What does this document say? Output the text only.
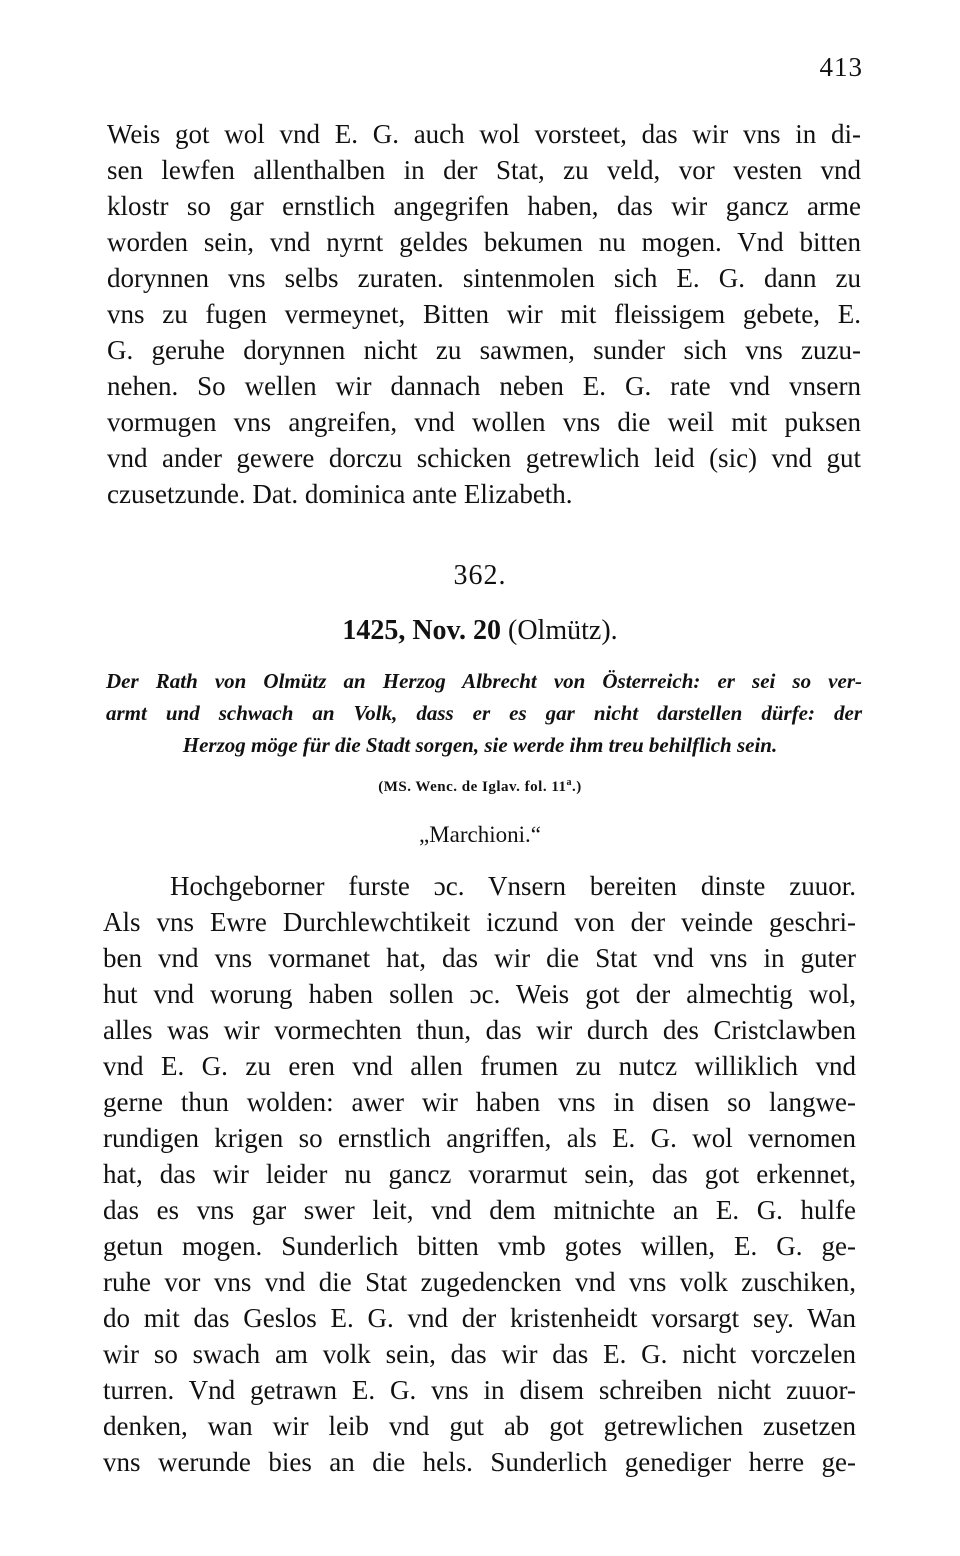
413
Weis got wol vnd E. G. auch wol vorsteet, das wir vns in di-
sen lewfen allenthalben in der Stat, zu veld, vor vesten vnd
klostr so gar ernstlich angegrifen haben, das wir gancz arme
worden sein, vnd nyrnt geldes bekumen nu mogen. Vnd bitten
dorynnen vns selbs zuraten. sintenmolen sich E. G. dann zu
vns zu fugen vermeynet, Bitten wir mit fleissigem gebete, E.
G. geruhe dorynnen nicht zu sawmen, sunder sich vns zuzu-
nehen. So wellen wir dannach neben E. G. rate vnd vnsern
vormugen vns angreifen, vnd wollen vns die weil mit puksen
vnd ander gewere dorczu schicken getrewlich leid (sic) vnd gut
czusetzunde. Dat. dominica ante Elizabeth.
362.
1425, Nov. 20 (Olmütz).
Der Rath von Olmütz an Herzog Albrecht von Österreich: er sei so ver-
armt und schwach an Volk, dass er es gar nicht darstellen dürfe: der
Herzog möge für die Stadt sorgen, sie werde ihm treu behilflich sein.
(MS. Wenc. de Iglav. fol. 11$^a$.)
„Marchioni.“
Hochgeborner furste ɔc. Vnsern bereiten dinste zuuor.
Als vns Ewre Durchlewchtikeit iczund von der veinde geschri-
ben vnd vns vormanet hat, das wir die Stat vnd vns in guter
hut vnd worung haben sollen ɔc. Weis got der almechtig wol,
alles was wir vormechten thun, das wir durch des Cristclawben
vnd E. G. zu eren vnd allen frumen zu nutcz williklich vnd
gerne thun wolden: awer wir haben vns in disen so langwe-
rundigen krigen so ernstlich angriffen, als E. G. wol vernomen
hat, das wir leider nu gancz vorarmut sein, das got erkennet,
das es vns gar swer leit, vnd dem mitnichte an E. G. hulfe
getun mogen. Sunderlich bitten vmb gotes willen, E. G. ge-
ruhe vor vns vnd die Stat zugedencken vnd vns volk zuschiken,
do mit das Geslos E. G. vnd der kristenheidt vorsargt sey. Wan
wir so swach am volk sein, das wir das E. G. nicht vorczelen
turren. Vnd getrawn E. G. vns in disem schreiben nicht zuuor-
denken, wan wir leib vnd gut ab got getrewlichen zusetzen
vns werunde bies an die hels. Sunderlich genediger herre ge-
